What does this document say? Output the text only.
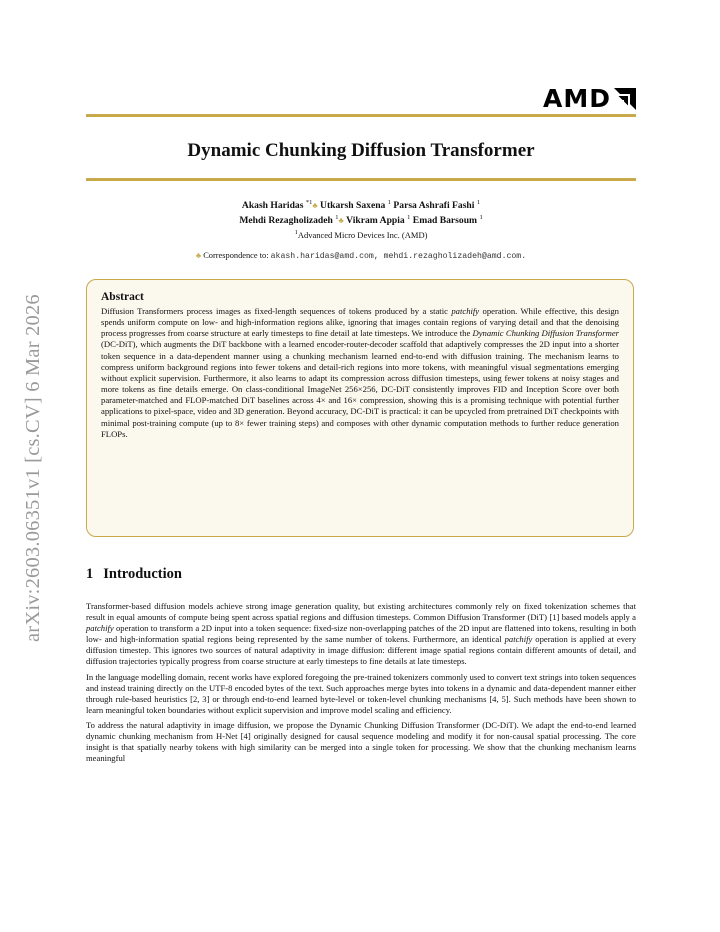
arXiv:2603.06351v1 [cs.CV] 6 Mar 2026
AMD
Dynamic Chunking Diffusion Transformer
Akash Haridas $^{*1}$♣ Utkarsh Saxena $^1$ Parsa Ashrafi Fashi $^1$
Mehdi Rezagholizadeh $^1$♣ Vikram Appia $^1$ Emad Barsoum $^1$
$^1$Advanced Micro Devices Inc. (AMD)
♣ Correspondence to: akash.haridas@amd.com, mehdi.rezagholizadeh@amd.com.
Abstract
Diffusion Transformers process images as fixed-length sequences of tokens produced by a static patchify operation. While effective, this design spends uniform compute on low- and high-information regions alike, ignoring that images contain regions of varying detail and that the denoising process progresses from coarse structure at early timesteps to fine detail at late timesteps. We introduce the Dynamic Chunking Diffusion Transformer (DC-DiT), which augments the DiT backbone with a learned encoder-router-decoder scaffold that adaptively compresses the 2D input into a shorter token sequence in a data-dependent manner using a chunking mechanism learned end-to-end with diffusion training. The mechanism learns to compress uniform background regions into fewer tokens and detail-rich regions into more tokens, with meaningful visual segmentations emerging without explicit supervision. Furthermore, it also learns to adapt its compression across diffusion timesteps, using fewer tokens at noisy stages and more tokens as fine details emerge. On class-conditional ImageNet 256×256, DC-DiT consistently improves FID and Inception Score over both parameter-matched and FLOP-matched DiT baselines across 4× and 16× compression, showing this is a promising technique with potential further applications to pixel-space, video and 3D generation. Beyond accuracy, DC-DiT is practical: it can be upcycled from pretrained DiT checkpoints with minimal post-training compute (up to 8× fewer training steps) and composes with other dynamic computation methods to further reduce generation FLOPs.
1 Introduction

Transformer-based diffusion models achieve strong image generation quality, but existing architectures commonly rely on fixed tokenization schemes that result in equal amounts of compute being spent across spatial regions and diffusion timesteps. Common Diffusion Transformer (DiT) [1] based models apply a patchify operation to transform a 2D input into a token sequence: fixed-size non-overlapping patches of the 2D input are flattened into tokens, resulting in both low- and high-information spatial regions being represented by the same number of tokens. Furthermore, an identical patchify operation is applied at every diffusion timestep. This ignores two sources of natural adaptivity in image diffusion: different image spatial regions contain different amounts of detail, and diffusion trajectories typically progress from coarse structure at early timesteps to fine details at late timesteps.

In the language modelling domain, recent works have explored foregoing the pre-trained tokenizers commonly used to convert text strings into token sequences and instead training directly on the UTF-8 encoded bytes of the text. Such approaches merge bytes into tokens in a dynamic and data-dependent manner either through rule-based heuristics [2, 3] or through end-to-end learned byte-level or token-level chunking mechanisms [4, 5]. Such methods have been shown to learn meaningful token boundaries without explicit supervision and improve model scaling and efficiency.

To address the natural adaptivity in image diffusion, we propose the Dynamic Chunking Diffusion Transformer (DC-DiT). We adapt the end-to-end learned dynamic chunking mechanism from H-Net [4] originally designed for causal sequence modeling and modify it for non-causal spatial processing. The core insight is that spatially nearby tokens with high similarity can be merged into a single token for processing. We show that the chunking mechanism learns meaningful
